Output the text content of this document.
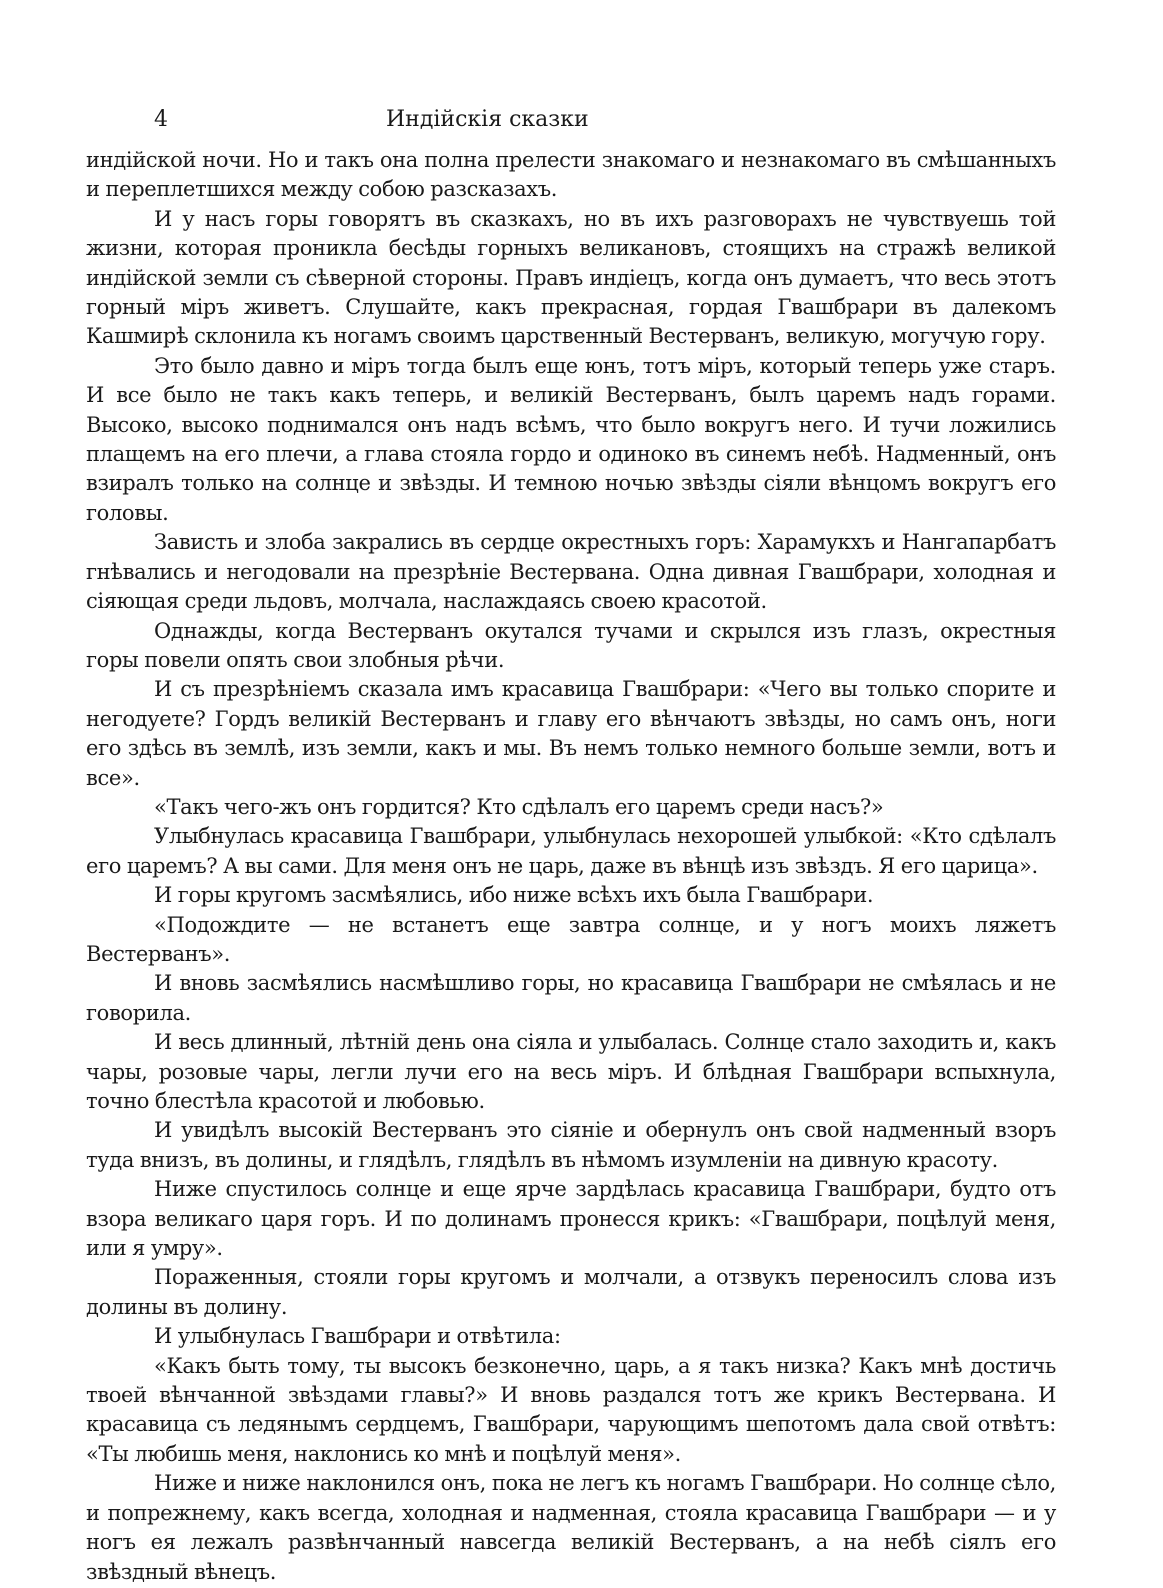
4	Индійскія сказки

индійской ночи. Но и такъ она полна прелести знакомаго и незнакомаго въ смѣшанныхъ и переплетшихся между собою разсказахъ.

И у насъ горы говорятъ въ сказкахъ, но въ ихъ разговорахъ не чувствуешь той жизни, которая проникла бесѣды горныхъ великановъ, стоящихъ на стражѣ великой индійской земли съ сѣверной стороны. Правъ индіецъ, когда онъ думаетъ, что весь этотъ горный міръ живетъ. Слушайте, какъ прекрасная, гордая Гвашбрари въ далекомъ Кашмирѣ склонила къ ногамъ своимъ царственный Вестерванъ, великую, могучую гору.

Это было давно и міръ тогда былъ еще юнъ, тотъ міръ, который теперь уже старъ. И все было не такъ какъ теперь, и великій Вестерванъ, былъ царемъ надъ горами. Высоко, высоко поднимался онъ надъ всѣмъ, что было вокругъ него. И тучи ложились плащемъ на его плечи, а глава стояла гордо и одиноко въ синемъ небѣ. Надменный, онъ взиралъ только на солнце и звѣзды. И темною ночью звѣзды сіяли вѣнцомъ вокругъ его головы.

Зависть и злоба закрались въ сердце окрестныхъ горъ: Харамукхъ и Нангапарбатъ гнѣвались и негодовали на презрѣніе Вестервана. Одна дивная Гвашбрари, холодная и сіяющая среди льдовъ, молчала, наслаждаясь своею красотой.

Однажды, когда Вестерванъ окутался тучами и скрылся изъ глазъ, окрестныя горы повели опять свои злобныя рѣчи.

И съ презрѣніемъ сказала имъ красавица Гвашбрари: «Чего вы только спорите и негодуете? Гордъ великій Вестерванъ и главу его вѣнчаютъ звѣзды, но самъ онъ, ноги его здѣсь въ землѣ, изъ земли, какъ и мы. Въ немъ только немного больше земли, вотъ и все».

«Такъ чего-жъ онъ гордится? Кто сдѣлалъ его царемъ среди насъ?»

Улыбнулась красавица Гвашбрари, улыбнулась нехорошей улыбкой: «Кто сдѣлалъ его царемъ? А вы сами. Для меня онъ не царь, даже въ вѣнцѣ изъ звѣздъ. Я его царица».

И горы кругомъ засмѣялись, ибо ниже всѣхъ ихъ была Гвашбрари.

«Подождите — не встанетъ еще завтра солнце, и у ногъ моихъ ляжетъ Вестерванъ».

И вновь засмѣялись насмѣшливо горы, но красавица Гвашбрари не смѣялась и не говорила.

И весь длинный, лѣтній день она сіяла и улыбалась. Солнце стало заходить и, какъ чары, розовые чары, легли лучи его на весь міръ. И блѣдная Гвашбрари вспыхнула, точно блестѣла красотой и любовью.

И увидѣлъ высокій Вестерванъ это сіяніе и обернулъ онъ свой надменный взоръ туда внизъ, въ долины, и глядѣлъ, глядѣлъ въ нѣмомъ изумленіи на дивную красоту.

Ниже спустилось солнце и еще ярче зардѣлась красавица Гвашбрари, будто отъ взора великаго царя горъ. И по долинамъ пронесся крикъ: «Гвашбрари, поцѣлуй меня, или я умру».

Пораженныя, стояли горы кругомъ и молчали, а отзвукъ переносилъ слова изъ долины въ долину.

И улыбнулась Гвашбрари и отвѣтила:

«Какъ быть тому, ты высокъ безконечно, царь, а я такъ низка? Какъ мнѣ достичь твоей вѣнчанной звѣздами главы?» И вновь раздался тотъ же крикъ Вестервана. И красавица съ ледянымъ сердцемъ, Гвашбрари, чарующимъ шепотомъ дала свой отвѣтъ: «Ты любишь меня, наклонись ко мнѣ и поцѣлуй меня».

Ниже и ниже наклонился онъ, пока не легъ къ ногамъ Гвашбрари. Но солнце сѣло, и попрежнему, какъ всегда, холодная и надменная, стояла красавица Гвашбрари — и у ногъ ея лежалъ развѣнчанный навсегда великій Вестерванъ, а на небѣ сіялъ его звѣздный вѣнецъ.
